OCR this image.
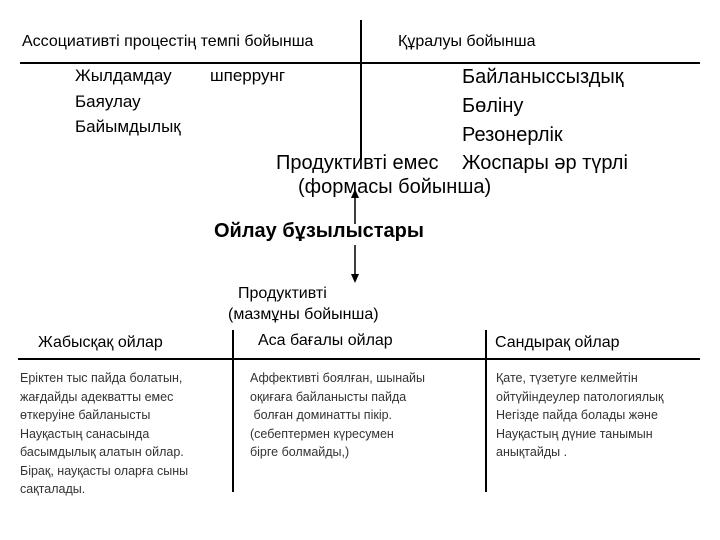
Ассоциативті процестің темпі бойынша
Жылдамдау
Баяулау
Байымдылық
шперрунг
Құралуы бойынша
Байланыссыздық
Бөліну
Резонерлік
Жоспары әр түрлі
Продуктивті емес
(формасы бойынша)
Ойлау бұзылыстары
Продуктивті
(мазмұны бойынша)
Жабысқақ ойлар	Аса бағалы ойлар	Сандырақ ойлар
Еріктен тыс пайда болатын,
жағдайды адекватты емес
өткеруіне байланысты
Науқастың санасында
басымдылық алатын ойлар.
Бірақ, науқасты оларға сыны
сақталады.
Аффективті боялған, шынайы
оқиғаға байланысты пайда
болған доминатты пікір.
(себептермен күресумен
бірге болмайды,)
Қате, түзетуге келмейтін
ойтүйіндеулер патологиялық
Негізде пайда болады және
Науқастың дүние танымын
анықтайды .
